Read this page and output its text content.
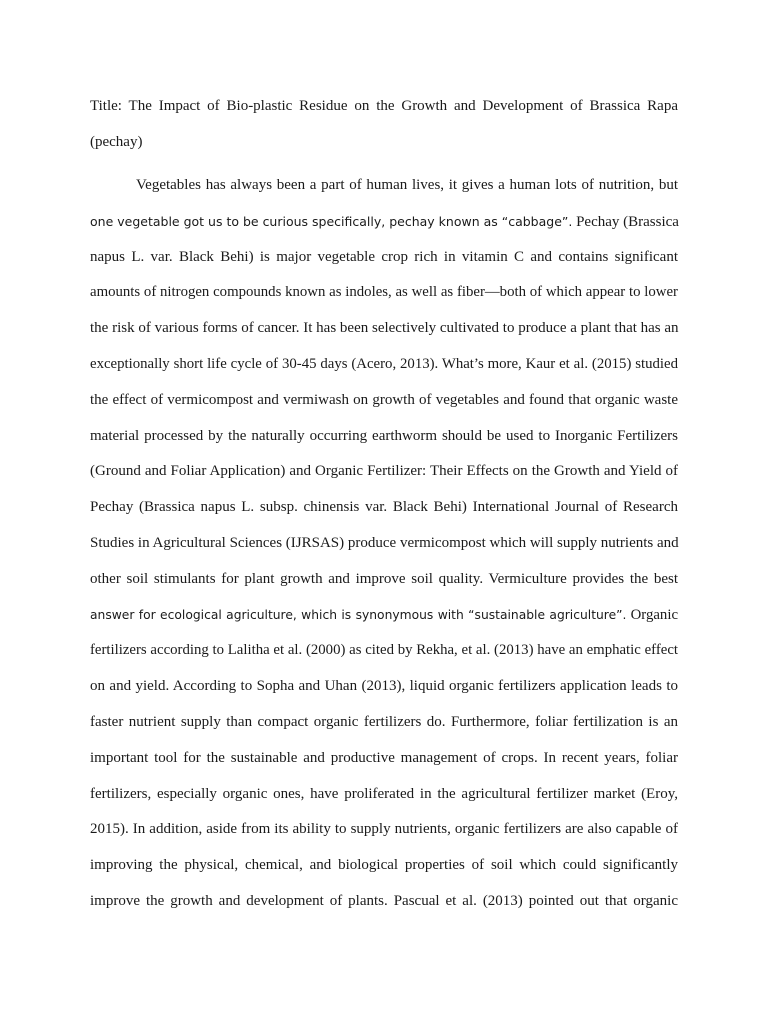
Title: The Impact of Bio-plastic Residue on the Growth and Development of Brassica Rapa
(pechay)
Vegetables has always been a part of human lives, it gives a human lots of nutrition, but
one vegetable got us to be curious specifically, pechay known as “cabbage”. Pechay (Brassica
napus L. var. Black Behi) is major vegetable crop rich in vitamin C and contains significant
amounts of nitrogen compounds known as indoles, as well as fiber—both of which appear to lower
the risk of various forms of cancer. It has been selectively cultivated to produce a plant that has an
exceptionally short life cycle of 30-45 days (Acero, 2013). What’s more, Kaur et al. (2015) studied
the effect of vermicompost and vermiwash on growth of vegetables and found that organic waste
material processed by the naturally occurring earthworm should be used to Inorganic Fertilizers
(Ground and Foliar Application) and Organic Fertilizer: Their Effects on the Growth and Yield of
Pechay (Brassica napus L. subsp. chinensis var. Black Behi) International Journal of Research
Studies in Agricultural Sciences (IJRSAS) produce vermicompost which will supply nutrients and
other soil stimulants for plant growth and improve soil quality. Vermiculture provides the best
answer for ecological agriculture, which is synonymous with “sustainable agriculture”. Organic
fertilizers according to Lalitha et al. (2000) as cited by Rekha, et al. (2013) have an emphatic effect
on and yield. According to Sopha and Uhan (2013), liquid organic fertilizers application leads to
faster nutrient supply than compact organic fertilizers do. Furthermore, foliar fertilization is an
important tool for the sustainable and productive management of crops. In recent years, foliar
fertilizers, especially organic ones, have proliferated in the agricultural fertilizer market (Eroy,
2015). In addition, aside from its ability to supply nutrients, organic fertilizers are also capable of
improving the physical, chemical, and biological properties of soil which could significantly
improve the growth and development of plants. Pascual et al. (2013) pointed out that organic
